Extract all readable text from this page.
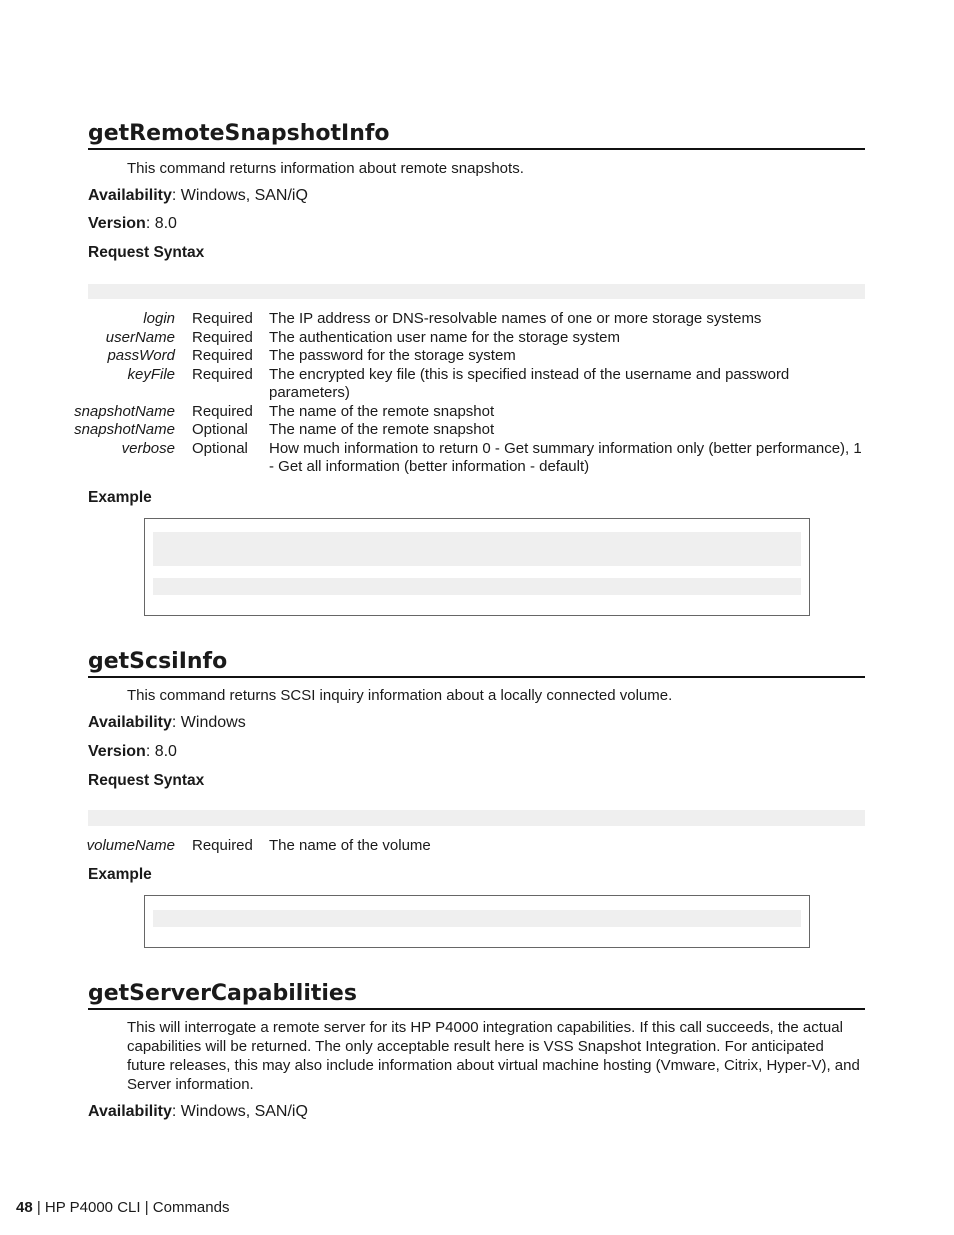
getRemoteSnapshotInfo
This command returns information about remote snapshots.
Availability: Windows, SAN/iQ
Version: 8.0
Request Syntax
login Required The IP address or DNS-resolvable names of one or more storage systems
userName Required The authentication user name for the storage system
passWord Required The password for the storage system
keyFile Required The encrypted key file (this is specified instead of the username and password parameters)
snapshotName Required The name of the remote snapshot
snapshotName Optional The name of the remote snapshot
verbose Optional How much information to return 0 - Get summary information only (better performance), 1 - Get all information (better information - default)
Example
getScsiInfo
This command returns SCSI inquiry information about a locally connected volume.
Availability: Windows
Version: 8.0
Request Syntax
volumeName Required The name of the volume
Example
getServerCapabilities
This will interrogate a remote server for its HP P4000 integration capabilities. If this call succeeds, the actual capabilities will be returned. The only acceptable result here is VSS Snapshot Integration. For anticipated future releases, this may also include information about virtual machine hosting (Vmware, Citrix, Hyper-V), and Server information.
Availability: Windows, SAN/iQ
48 | HP P4000 CLI | Commands
